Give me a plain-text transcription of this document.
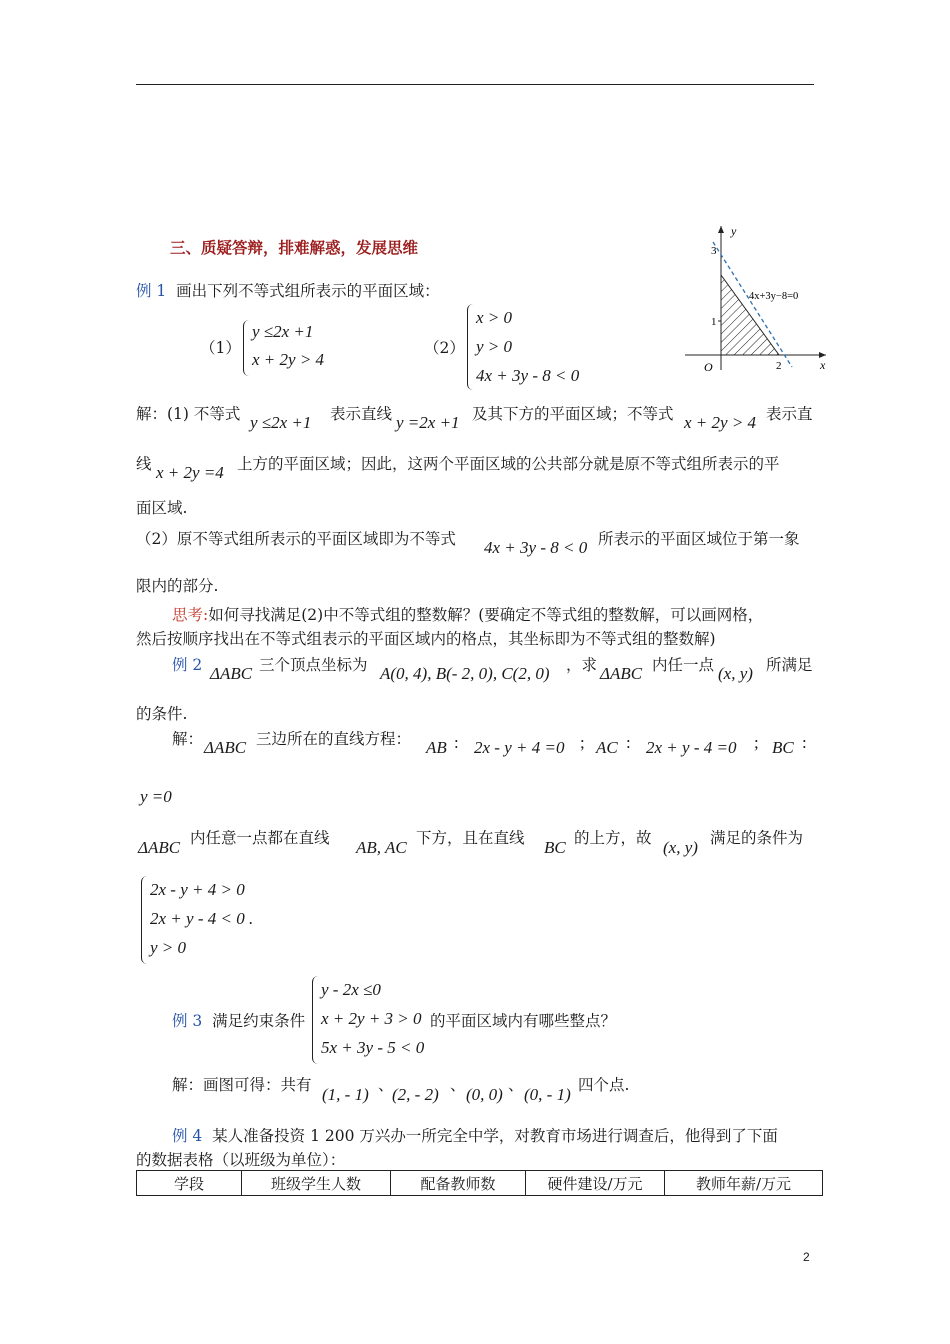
三、质疑答辩，排难解惑，发展思维
y
x
O
3
1
2
4x+3y−8=0
例 1 画出下列不等式组所表示的平面区域：
（1）
y ≤2x +1
x + 2y > 4
（2）
x > 0
y > 0
4x + 3y - 8 < 0
解：(1) 不等式 y ≤2x +1 表示直线 y =2x +1 及其下方的平面区域；不等式 x + 2y > 4 表示直
线 x + 2y =4 上方的平面区域；因此，这两个平面区域的公共部分就是原不等式组所表示的平
面区域.
（2）原不等式组所表示的平面区域即为不等式 4x + 3y - 8 < 0 所表示的平面区域位于第一象
限内的部分.
思考:如何寻找满足(2)中不等式组的整数解？(要确定不等式组的整数解，可以画网格，
然后按顺序找出在不等式组表示的平面区域内的格点，其坐标即为不等式组的整数解)
例 2 ΔABC 三个顶点坐标为 A(0, 4), B(- 2, 0), C(2, 0) ，求 ΔABC 内任一点 (x, y) 所满足
的条件.
解： ΔABC 三边所在的直线方程： AB : 2x - y + 4 =0 ; AC : 2x + y - 4 =0 ; BC :
y =0
ΔABC 内任意一点都在直线 AB, AC 下方，且在直线 BC 的上方，故 (x, y) 满足的条件为
2x - y + 4 > 0
2x + y - 4 < 0 .
y > 0
例 3 满足约束条件
y - 2x ≤0
x + 2y + 3 > 0
5x + 3y - 5 < 0
的平面区域内有哪些整点？
解：画图可得：共有 (1, - 1) 、
(2, - 2) 、 (0, 0) 、 (0, - 1) 四个点.
例 4 某人准备投资 1 200 万兴办一所完全中学，对教育市场进行调查后，他得到了下面
的数据表格（以班级为单位）：
学段	班级学生人数	配备教师数	硬件建设/万元	教师年薪/万元
2
